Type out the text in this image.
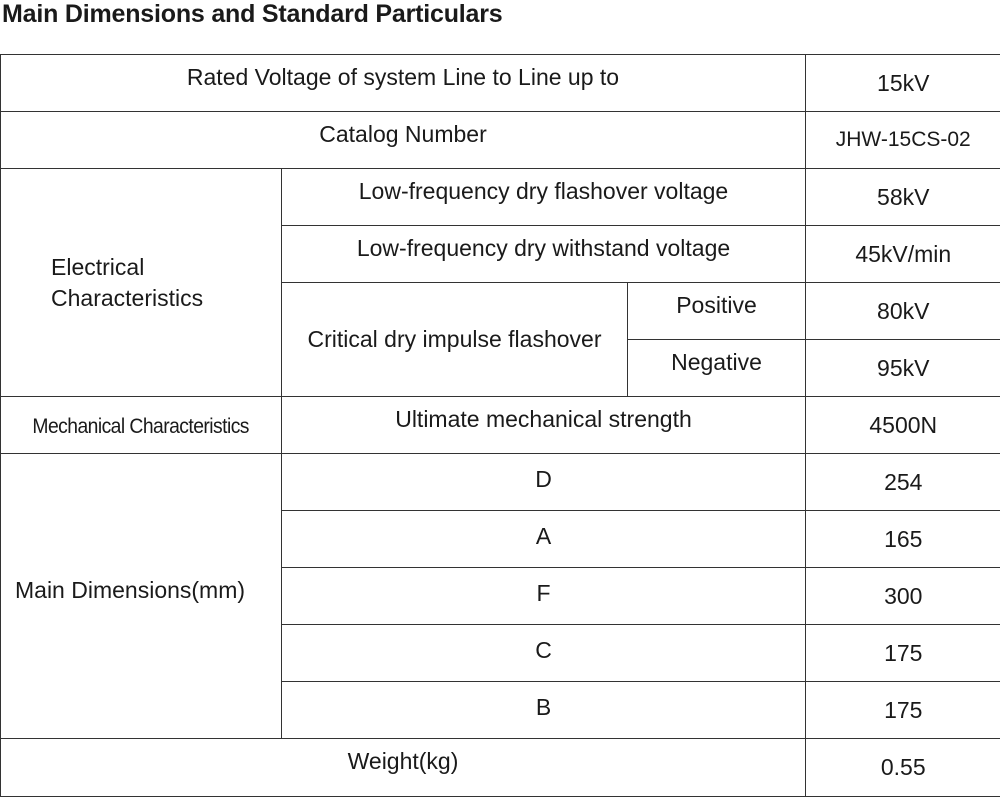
Main Dimensions and Standard Particulars
Rated Voltage of system Line to Line up to			15kV
Catalog Number			JHW-15CS-02
Electrical Characteristics	Low-frequency dry flashover voltage		58kV
	Low-frequency dry withstand voltage		45kV/min
	Critical dry impulse flashover	Positive	80kV
		Negative	95kV
Mechanical Characteristics	Ultimate mechanical strength		4500N
Main Dimensions(mm)	D		254
	A		165
	F		300
	C		175
	B		175
Weight(kg)			0.55
